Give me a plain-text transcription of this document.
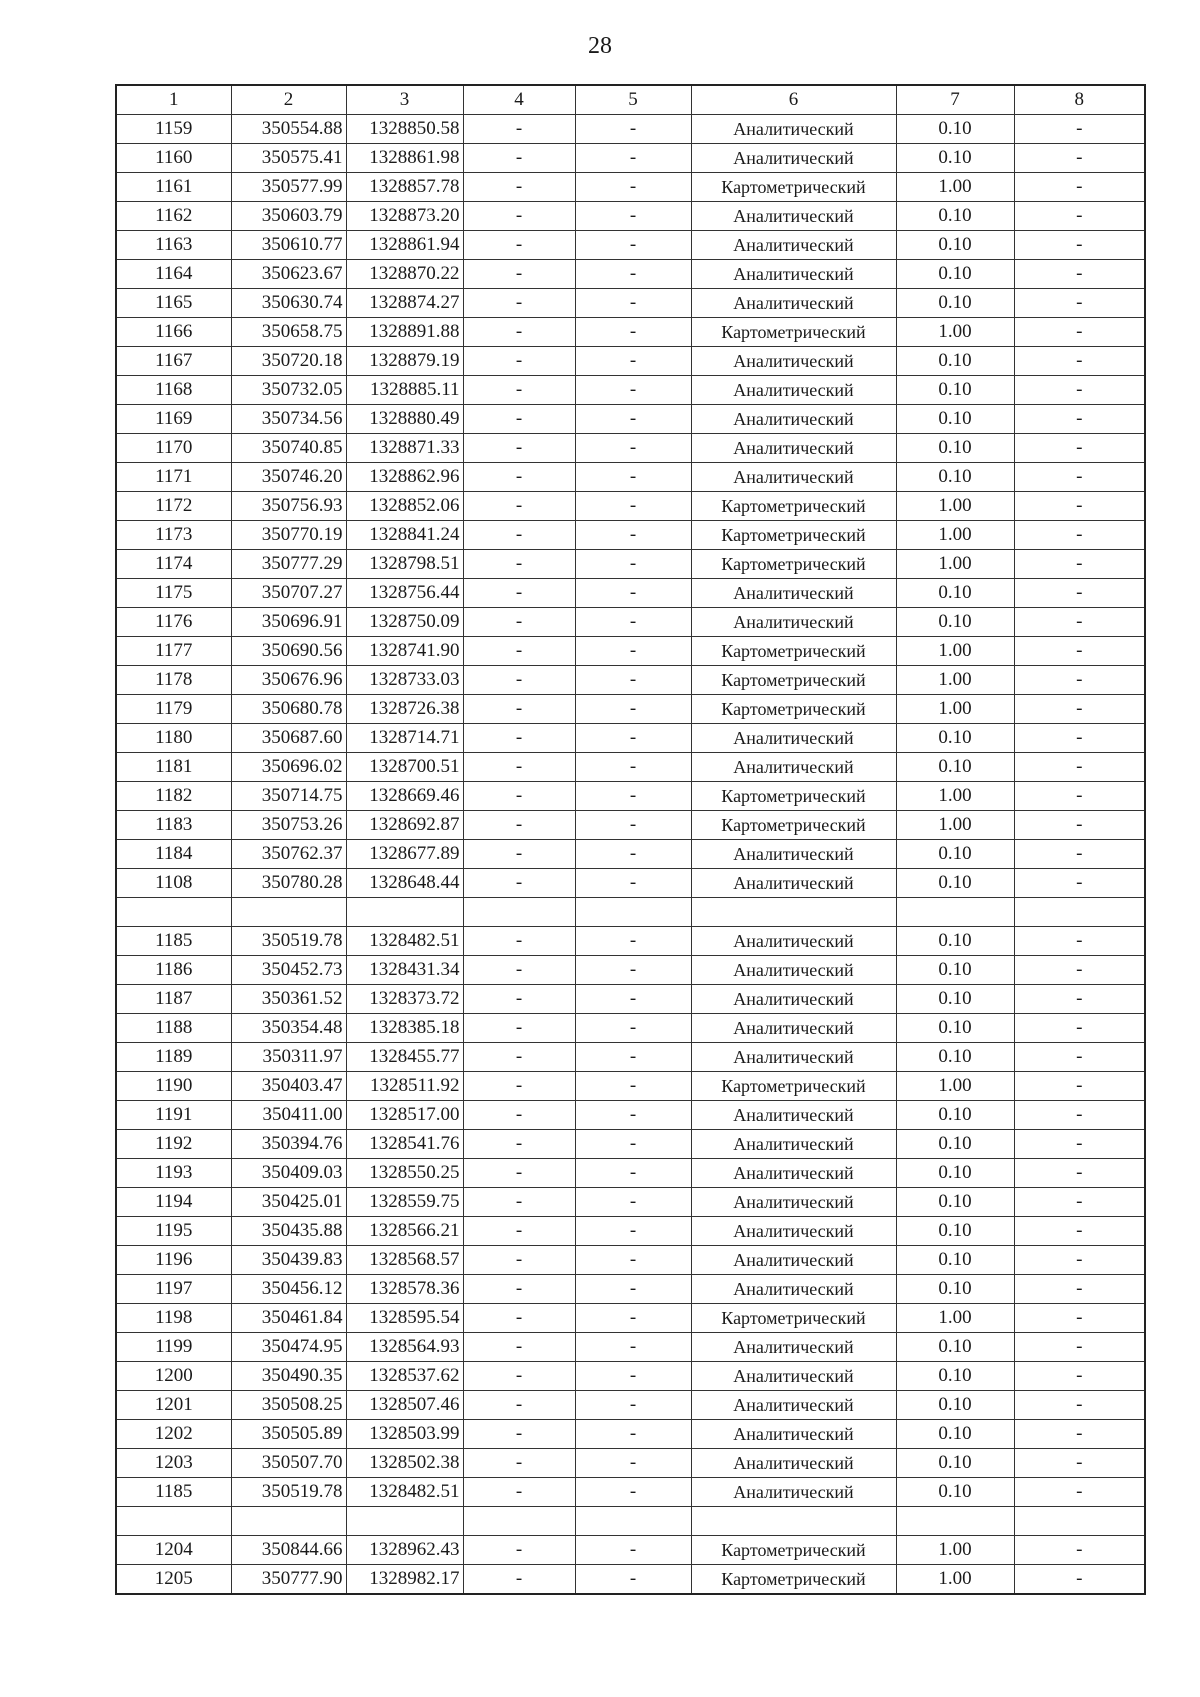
28
1	2	3	4	5	6	7	8
1159	350554.88	1328850.58	-	-	Аналитический	0.10	-
1160	350575.41	1328861.98	-	-	Аналитический	0.10	-
1161	350577.99	1328857.78	-	-	Картометрический	1.00	-
1162	350603.79	1328873.20	-	-	Аналитический	0.10	-
1163	350610.77	1328861.94	-	-	Аналитический	0.10	-
1164	350623.67	1328870.22	-	-	Аналитический	0.10	-
1165	350630.74	1328874.27	-	-	Аналитический	0.10	-
1166	350658.75	1328891.88	-	-	Картометрический	1.00	-
1167	350720.18	1328879.19	-	-	Аналитический	0.10	-
1168	350732.05	1328885.11	-	-	Аналитический	0.10	-
1169	350734.56	1328880.49	-	-	Аналитический	0.10	-
1170	350740.85	1328871.33	-	-	Аналитический	0.10	-
1171	350746.20	1328862.96	-	-	Аналитический	0.10	-
1172	350756.93	1328852.06	-	-	Картометрический	1.00	-
1173	350770.19	1328841.24	-	-	Картометрический	1.00	-
1174	350777.29	1328798.51	-	-	Картометрический	1.00	-
1175	350707.27	1328756.44	-	-	Аналитический	0.10	-
1176	350696.91	1328750.09	-	-	Аналитический	0.10	-
1177	350690.56	1328741.90	-	-	Картометрический	1.00	-
1178	350676.96	1328733.03	-	-	Картометрический	1.00	-
1179	350680.78	1328726.38	-	-	Картометрический	1.00	-
1180	350687.60	1328714.71	-	-	Аналитический	0.10	-
1181	350696.02	1328700.51	-	-	Аналитический	0.10	-
1182	350714.75	1328669.46	-	-	Картометрический	1.00	-
1183	350753.26	1328692.87	-	-	Картометрический	1.00	-
1184	350762.37	1328677.89	-	-	Аналитический	0.10	-
1108	350780.28	1328648.44	-	-	Аналитический	0.10	-

1185	350519.78	1328482.51	-	-	Аналитический	0.10	-
1186	350452.73	1328431.34	-	-	Аналитический	0.10	-
1187	350361.52	1328373.72	-	-	Аналитический	0.10	-
1188	350354.48	1328385.18	-	-	Аналитический	0.10	-
1189	350311.97	1328455.77	-	-	Аналитический	0.10	-
1190	350403.47	1328511.92	-	-	Картометрический	1.00	-
1191	350411.00	1328517.00	-	-	Аналитический	0.10	-
1192	350394.76	1328541.76	-	-	Аналитический	0.10	-
1193	350409.03	1328550.25	-	-	Аналитический	0.10	-
1194	350425.01	1328559.75	-	-	Аналитический	0.10	-
1195	350435.88	1328566.21	-	-	Аналитический	0.10	-
1196	350439.83	1328568.57	-	-	Аналитический	0.10	-
1197	350456.12	1328578.36	-	-	Аналитический	0.10	-
1198	350461.84	1328595.54	-	-	Картометрический	1.00	-
1199	350474.95	1328564.93	-	-	Аналитический	0.10	-
1200	350490.35	1328537.62	-	-	Аналитический	0.10	-
1201	350508.25	1328507.46	-	-	Аналитический	0.10	-
1202	350505.89	1328503.99	-	-	Аналитический	0.10	-
1203	350507.70	1328502.38	-	-	Аналитический	0.10	-
1185	350519.78	1328482.51	-	-	Аналитический	0.10	-

1204	350844.66	1328962.43	-	-	Картометрический	1.00	-
1205	350777.90	1328982.17	-	-	Картометрический	1.00	-
